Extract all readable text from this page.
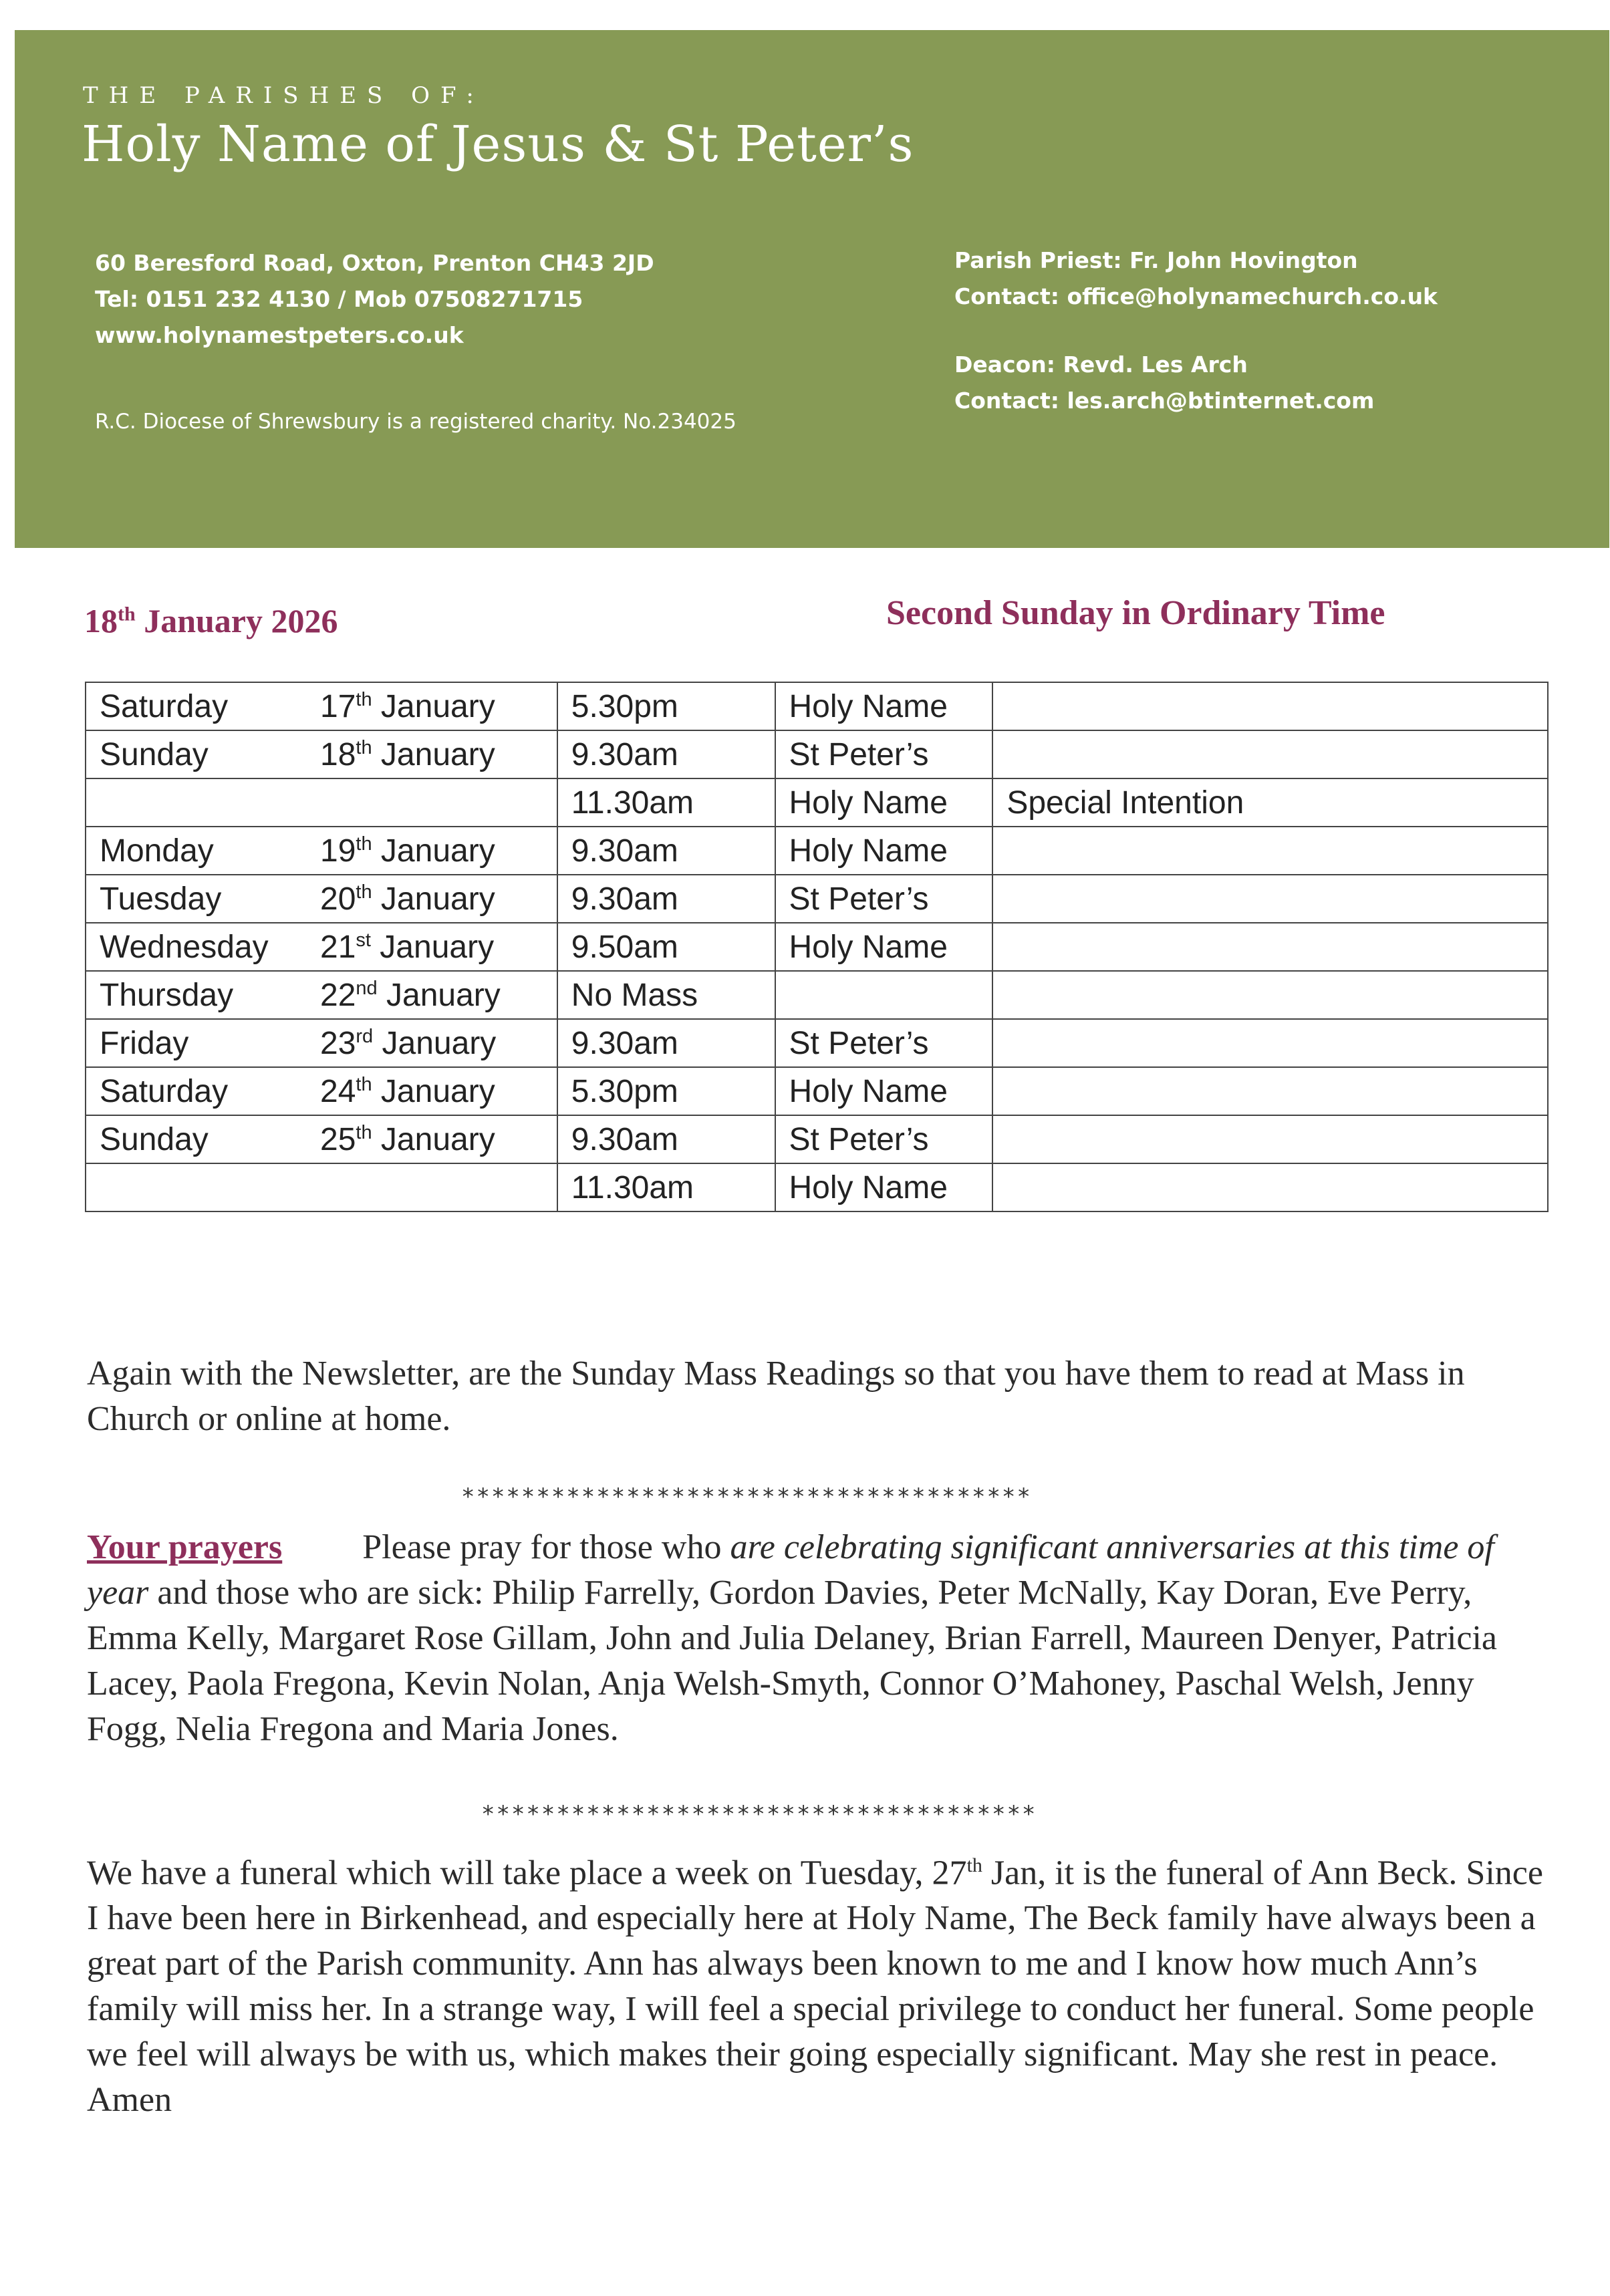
THE PARISHES OF:
Holy Name of Jesus & St Peter’s
60 Beresford Road, Oxton, Prenton CH43 2JD
Tel: 0151 232 4130 / Mob 07508271715
www.holynamestpeters.co.uk
R.C. Diocese of Shrewsbury is a registered charity. No.234025
Parish Priest: Fr. John Hovington
Contact: office@holynamechurch.co.uk
Deacon: Revd. Les Arch
Contact: les.arch@btinternet.com
18th January 2026	Second Sunday in Ordinary Time
Saturday 17th January	5.30pm	Holy Name	
Sunday 18th January	9.30am	St Peter’s	
	11.30am	Holy Name	Special Intention
Monday 19th January	9.30am	Holy Name	
Tuesday 20th January	9.30am	St Peter’s	
Wednesday 21st January	9.50am	Holy Name	
Thursday 22nd January	No Mass		
Friday 23rd January	9.30am	St Peter’s	
Saturday 24th January	5.30pm	Holy Name	
Sunday 25th January	9.30am	St Peter’s	
	11.30am	Holy Name	
Again with the Newsletter, are the Sunday Mass Readings so that you have them to read at Mass in Church or online at home.
**************************************
Your prayers Please pray for those who are celebrating significant anniversaries at this time of year and those who are sick: Philip Farrelly, Gordon Davies, Peter McNally, Kay Doran, Eve Perry, Emma Kelly, Margaret Rose Gillam, John and Julia Delaney, Brian Farrell, Maureen Denyer, Patricia Lacey, Paola Fregona, Kevin Nolan, Anja Welsh-Smyth, Connor O’Mahoney, Paschal Welsh, Jenny Fogg, Nelia Fregona and Maria Jones.
*************************************
We have a funeral which will take place a week on Tuesday, 27th Jan, it is the funeral of Ann Beck. Since I have been here in Birkenhead, and especially here at Holy Name, The Beck family have always been a great part of the Parish community. Ann has always been known to me and I know how much Ann’s family will miss her. In a strange way, I will feel a special privilege to conduct her funeral. Some people we feel will always be with us, which makes their going especially significant. May she rest in peace. Amen
